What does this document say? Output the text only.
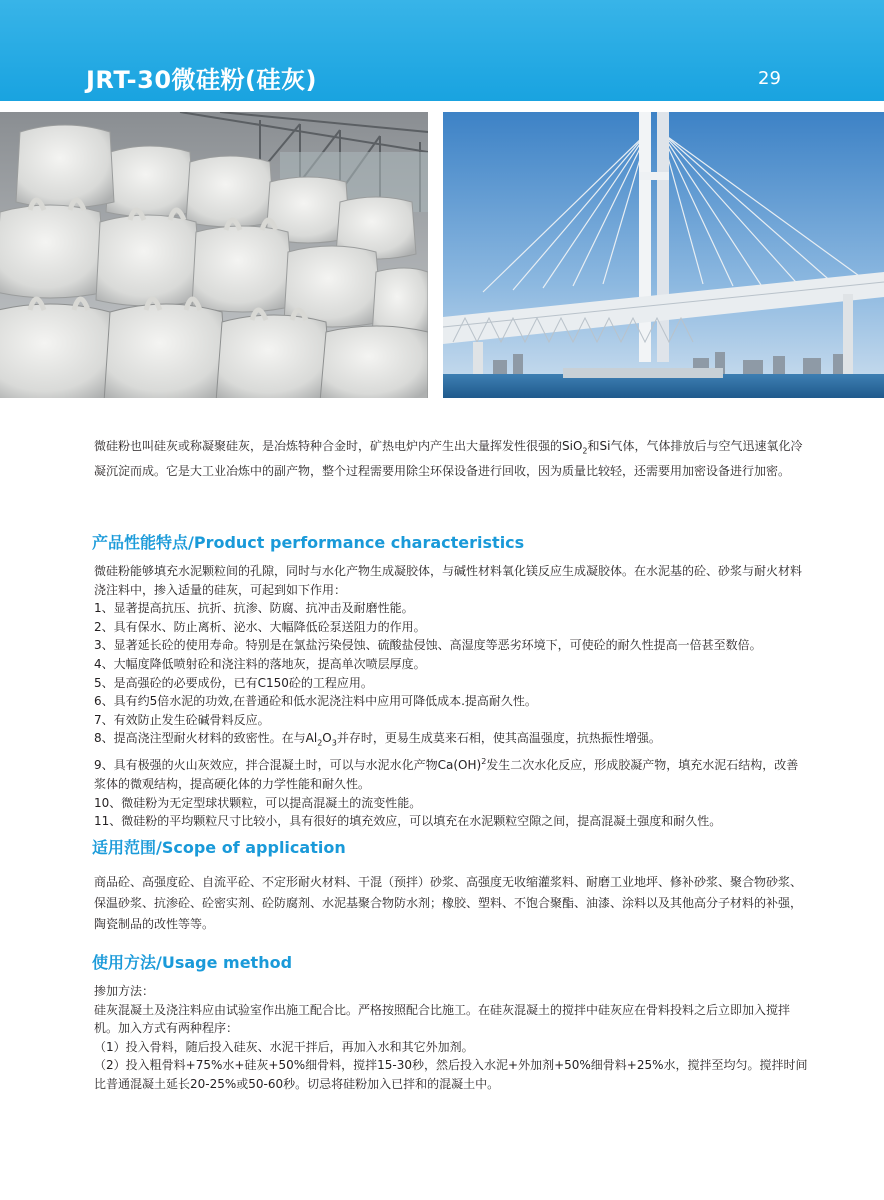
JRT-30微硅粉(硅灰)	29
微硅粉也叫硅灰或称凝聚硅灰，是冶炼特种合金时，矿热电炉内产生出大量挥发性很强的SiO$_2$和Si气体，气体排放后与空气迅速氧化冷凝沉淀而成。它是大工业冶炼中的副产物，整个过程需要用除尘环保设备进行回收，因为质量比较轻，还需要用加密设备进行加密。
产品性能特点/Product performance characteristics

微硅粉能够填充水泥颗粒间的孔隙，同时与水化产物生成凝胶体，与碱性材料氧化镁反应生成凝胶体。在水泥基的砼、砂浆与耐火材料浇注料中，掺入适量的硅灰，可起到如下作用：

1、显著提高抗压、抗折、抗渗、防腐、抗冲击及耐磨性能。

2、具有保水、防止离析、泌水、大幅降低砼泵送阻力的作用。

3、显著延长砼的使用寿命。特别是在氯盐污染侵蚀、硫酸盐侵蚀、高湿度等恶劣环境下，可使砼的耐久性提高一倍甚至数倍。

4、大幅度降低喷射砼和浇注料的落地灰，提高单次喷层厚度。

5、是高强砼的必要成份，已有C150砼的工程应用。

6、具有约5倍水泥的功效,在普通砼和低水泥浇注料中应用可降低成本.提高耐久性。

7、有效防止发生砼碱骨料反应。

8、提高浇注型耐火材料的致密性。在与$Al_2O_3$并存时，更易生成莫来石相，使其高温强度，抗热振性增强。

9、具有极强的火山灰效应，拌合混凝土时，可以与水泥水化产物Ca(OH)$^2$发生二次水化反应，形成胶凝产物，填充水泥石结构，改善浆体的微观结构，提高硬化体的力学性能和耐久性。

10、微硅粉为无定型球状颗粒，可以提高混凝土的流变性能。

11、微硅粉的平均颗粒尺寸比较小，具有很好的填充效应，可以填充在水泥颗粒空隙之间，提高混凝土强度和耐久性。

适用范围/Scope of application

商品砼、高强度砼、自流平砼、不定形耐火材料、干混（预拌）砂浆、高强度无收缩灌浆料、耐磨工业地坪、修补砂浆、聚合物砂浆、保温砂浆、抗渗砼、砼密实剂、砼防腐剂、水泥基聚合物防水剂；橡胶、塑料、不饱合聚酯、油漆、涂料以及其他高分子材料的补强，陶瓷制品的改性等等。

使用方法/Usage method

掺加方法：

硅灰混凝土及浇注料应由试验室作出施工配合比。严格按照配合比施工。在硅灰混凝土的搅拌中硅灰应在骨料投料之后立即加入搅拌机。加入方式有两种程序：

（1）投入骨料，随后投入硅灰、水泥干拌后，再加入水和其它外加剂。

（2）投入粗骨料+75%水+硅灰+50%细骨料，搅拌15-30秒，然后投入水泥+外加剂+50%细骨料+25%水，搅拌至均匀。搅拌时间比普通混凝土延长20-25%或50-60秒。切忌将硅粉加入已拌和的混凝土中。
